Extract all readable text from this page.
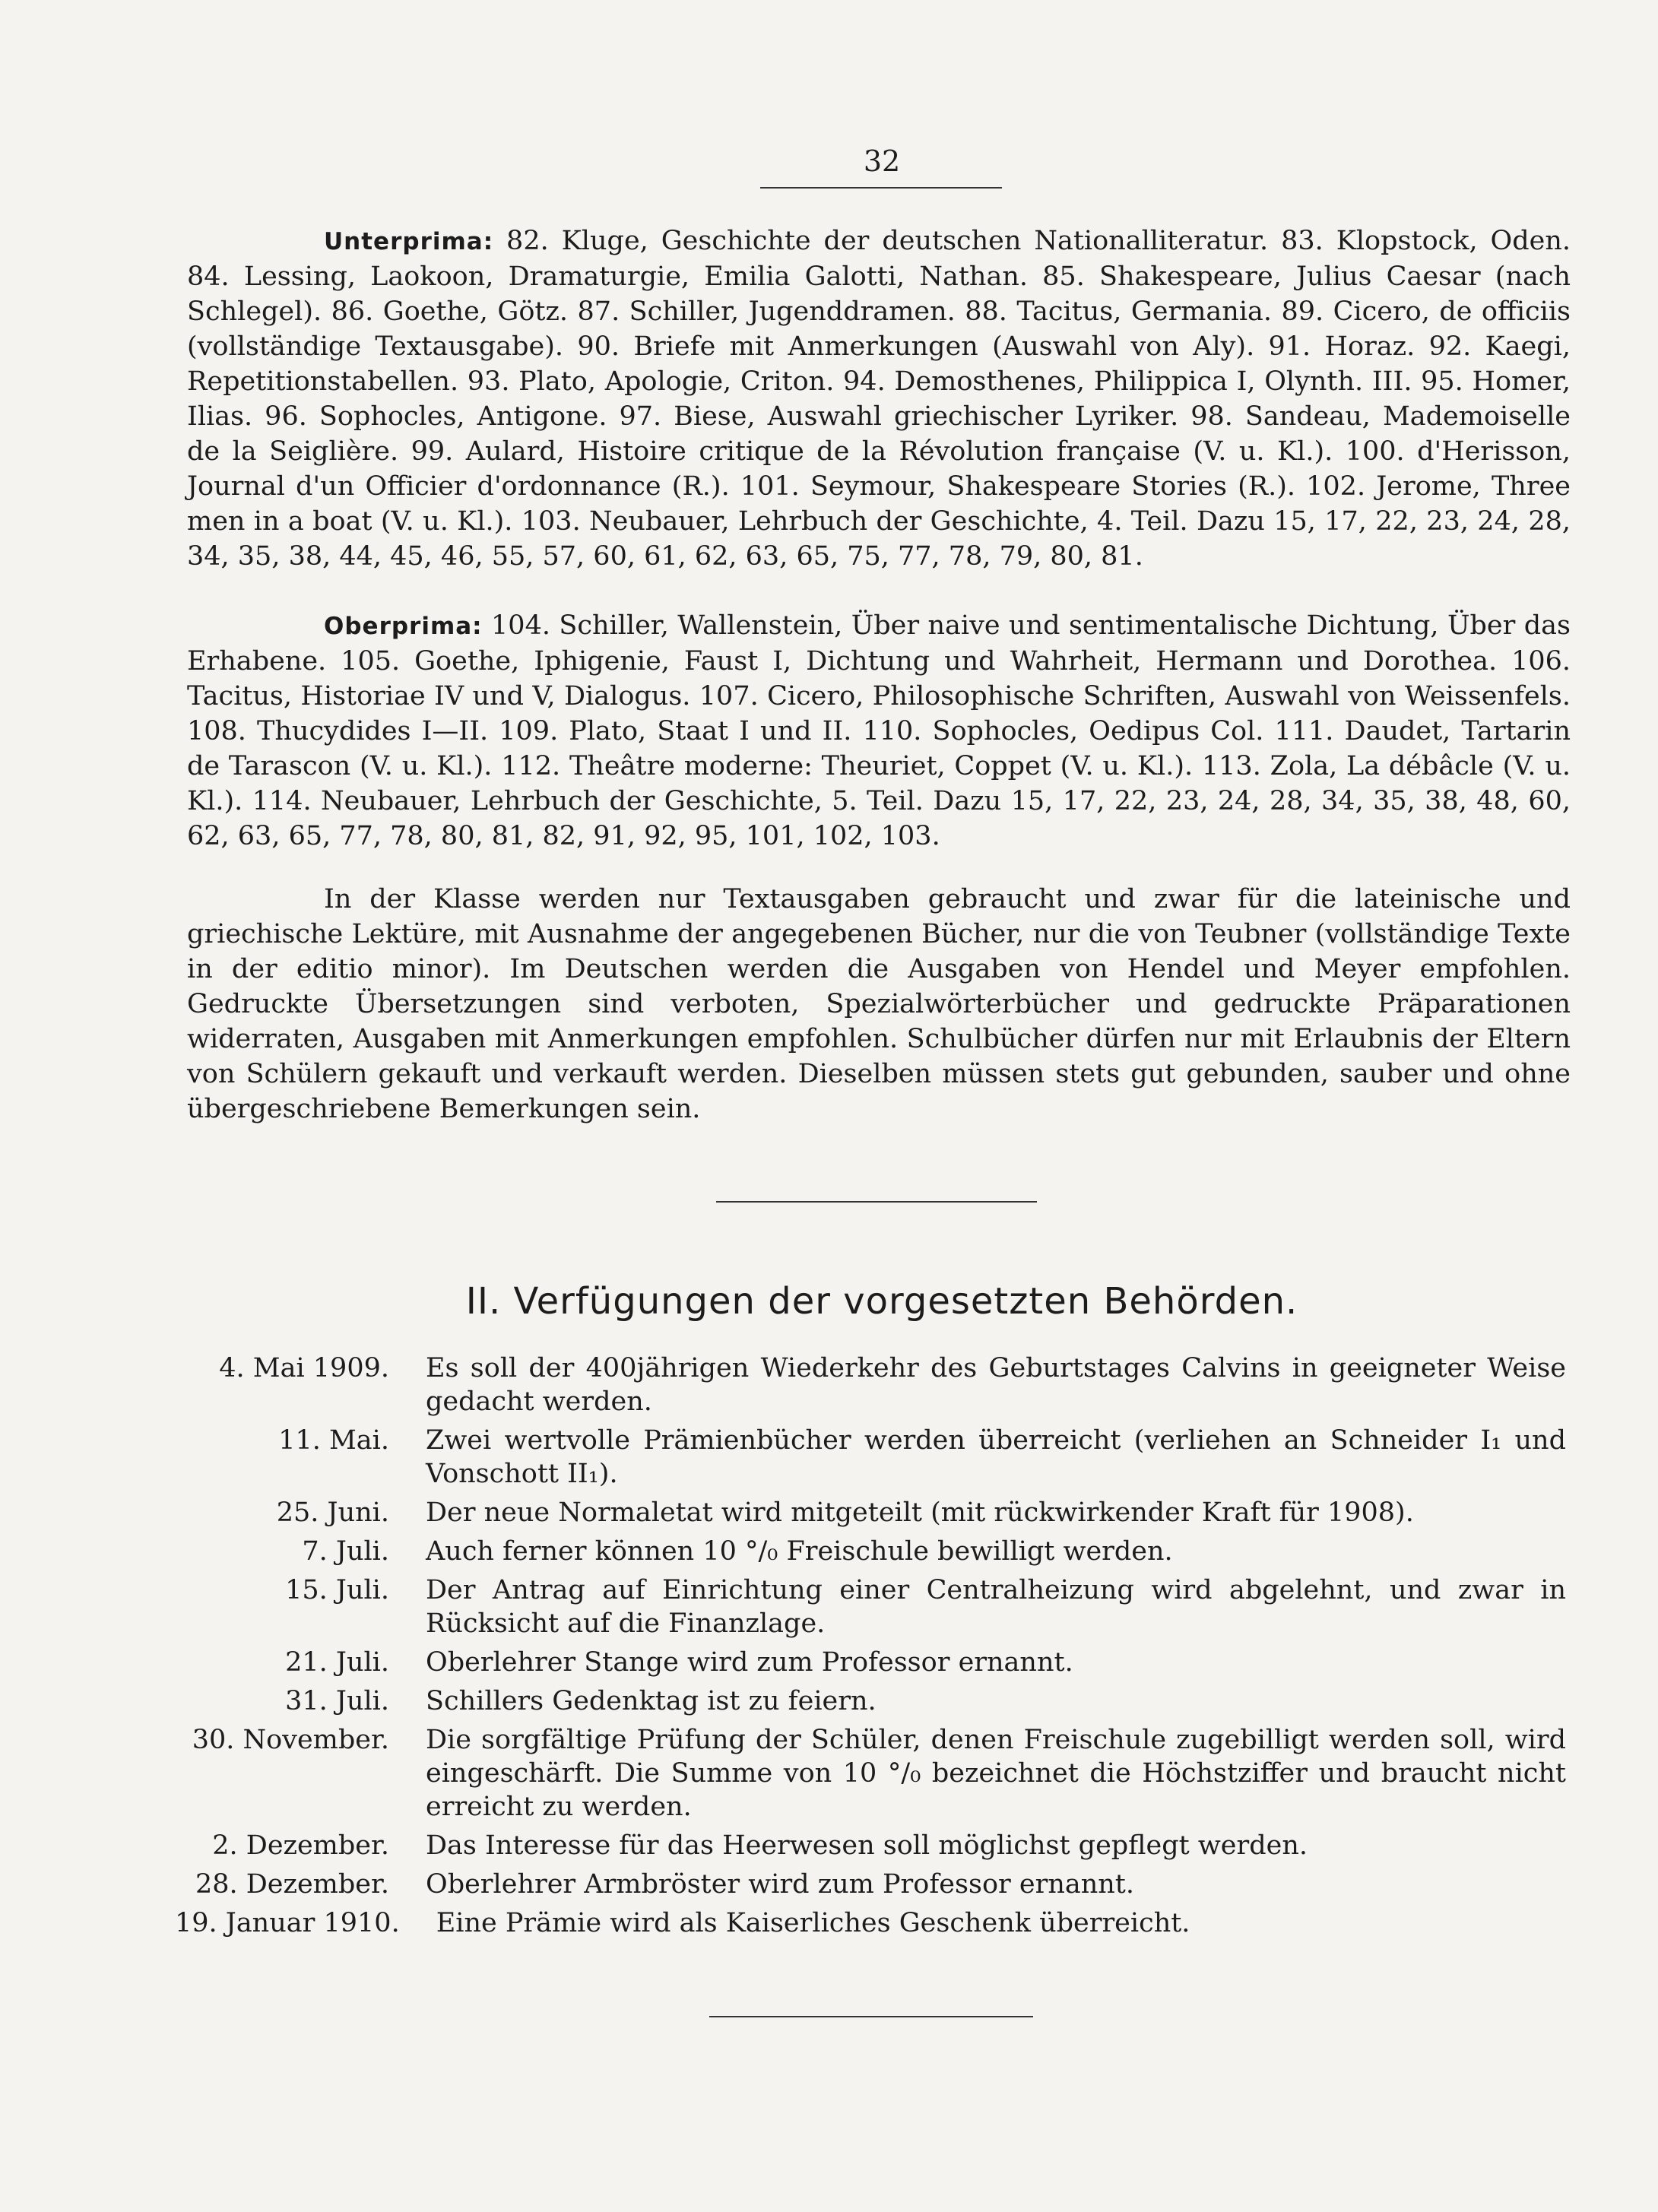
32

Unterprima: 82. Kluge, Geschichte der deutschen Nationalliteratur. 83. Klopstock, Oden. 84. Lessing, Laokoon, Dramaturgie, Emilia Galotti, Nathan. 85. Shakespeare, Julius Caesar (nach Schlegel). 86. Goethe, Götz. 87. Schiller, Jugenddramen. 88. Tacitus, Germania. 89. Cicero, de officiis (vollständige Textausgabe). 90. Briefe mit Anmerkungen (Auswahl von Aly). 91. Horaz. 92. Kaegi, Repetitionstabellen. 93. Plato, Apologie, Criton. 94. Demosthenes, Philippica I, Olynth. III. 95. Homer, Ilias. 96. Sophocles, Antigone. 97. Biese, Auswahl griechischer Lyriker. 98. Sandeau, Mademoiselle de la Seiglière. 99. Aulard, Histoire critique de la Révolution française (V. u. Kl.). 100. d'Herisson, Journal d'un Officier d'ordonnance (R.). 101. Seymour, Shakespeare Stories (R.). 102. Jerome, Three men in a boat (V. u. Kl.). 103. Neubauer, Lehrbuch der Geschichte, 4. Teil. Dazu 15, 17, 22, 23, 24, 28, 34, 35, 38, 44, 45, 46, 55, 57, 60, 61, 62, 63, 65, 75, 77, 78, 79, 80, 81.

Oberprima: 104. Schiller, Wallenstein, Über naive und sentimentalische Dichtung, Über das Erhabene. 105. Goethe, Iphigenie, Faust I, Dichtung und Wahrheit, Hermann und Dorothea. 106. Tacitus, Historiae IV und V, Dialogus. 107. Cicero, Philosophische Schriften, Auswahl von Weissenfels. 108. Thucydides I—II. 109. Plato, Staat I und II. 110. Sophocles, Oedipus Col. 111. Daudet, Tartarin de Tarascon (V. u. Kl.). 112. Theâtre moderne: Theuriet, Coppet (V. u. Kl.). 113. Zola, La débâcle (V. u. Kl.). 114. Neubauer, Lehrbuch der Geschichte, 5. Teil. Dazu 15, 17, 22, 23, 24, 28, 34, 35, 38, 48, 60, 62, 63, 65, 77, 78, 80, 81, 82, 91, 92, 95, 101, 102, 103.

In der Klasse werden nur Textausgaben gebraucht und zwar für die lateinische und griechische Lektüre, mit Ausnahme der angegebenen Bücher, nur die von Teubner (vollständige Texte in der editio minor). Im Deutschen werden die Ausgaben von Hendel und Meyer empfohlen. Gedruckte Übersetzungen sind verboten, Spezialwörterbücher und gedruckte Präparationen widerraten, Ausgaben mit Anmerkungen empfohlen. Schulbücher dürfen nur mit Erlaubnis der Eltern von Schülern gekauft und verkauft werden. Dieselben müssen stets gut gebunden, sauber und ohne übergeschriebene Bemerkungen sein.

II. Verfügungen der vorgesetzten Behörden.
4. Mai 1909.	Es soll der 400jährigen Wiederkehr des Geburtstages Calvins in geeigneter Weise gedacht werden.
11. Mai.	Zwei wertvolle Prämienbücher werden überreicht (verliehen an Schneider I₁ und Vonschott II₁).
25. Juni.	Der neue Normaletat wird mitgeteilt (mit rückwirkender Kraft für 1908).
7. Juli.	Auch ferner können 10 °/₀ Freischule bewilligt werden.
15. Juli.	Der Antrag auf Einrichtung einer Centralheizung wird abgelehnt, und zwar in Rücksicht auf die Finanzlage.
21. Juli.	Oberlehrer Stange wird zum Professor ernannt.
31. Juli.	Schillers Gedenktag ist zu feiern.
30. November.	Die sorgfältige Prüfung der Schüler, denen Freischule zugebilligt werden soll, wird eingeschärft. Die Summe von 10 °/₀ bezeichnet die Höchstziffer und braucht nicht erreicht zu werden.
2. Dezember.	Das Interesse für das Heerwesen soll möglichst gepflegt werden.
28. Dezember.	Oberlehrer Armbröster wird zum Professor ernannt.
19. Januar 1910.	Eine Prämie wird als Kaiserliches Geschenk überreicht.
